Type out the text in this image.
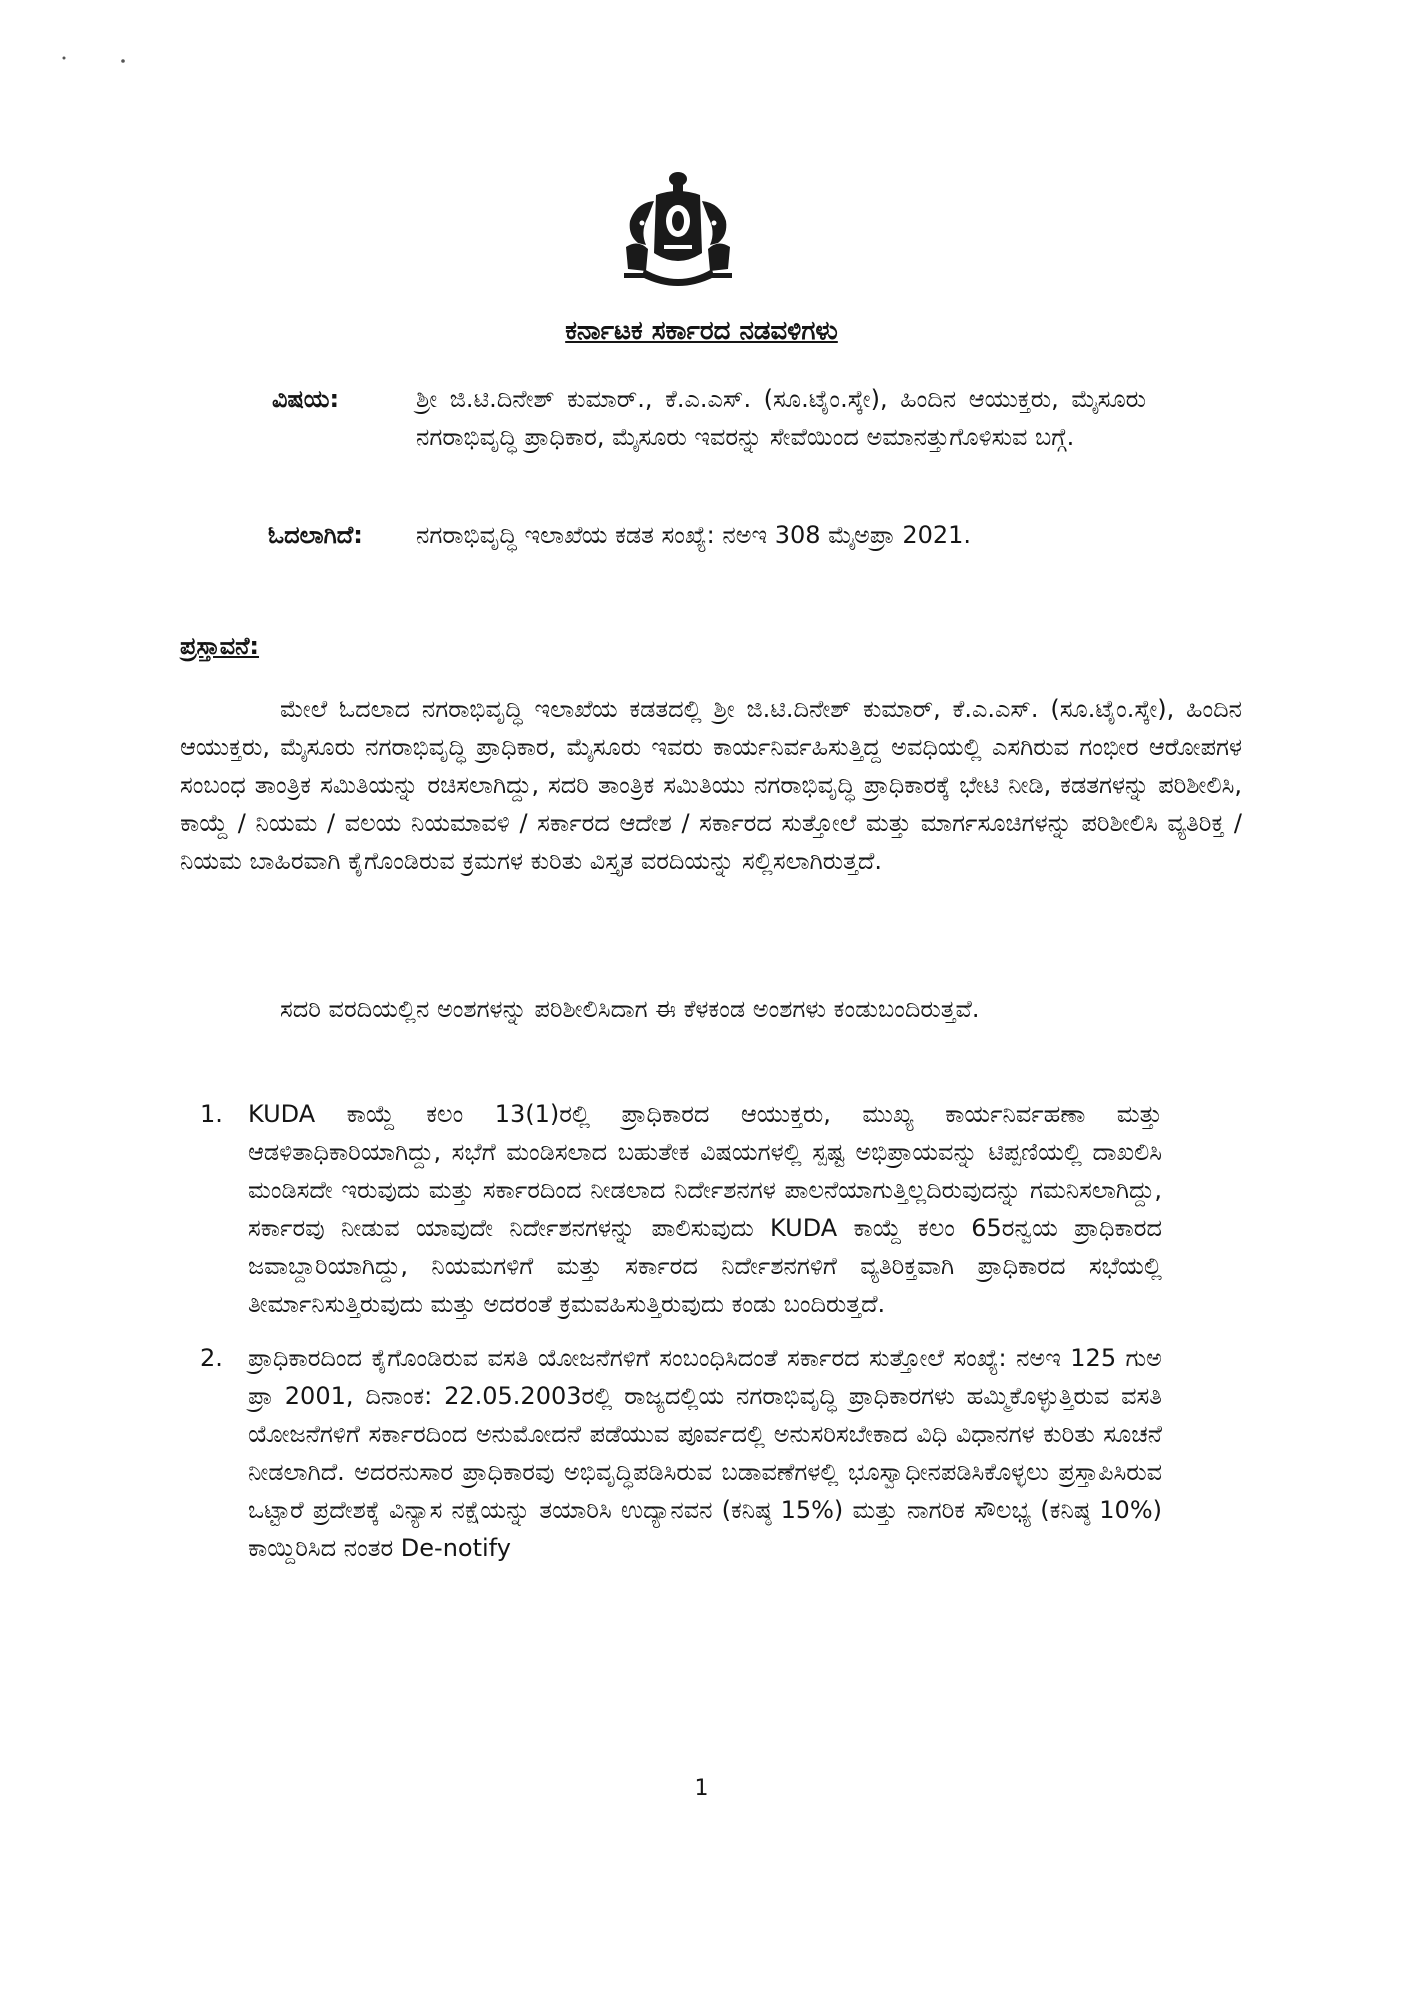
ಕರ್ನಾಟಕ ಸರ್ಕಾರದ ನಡವಳಿಗಳು
ವಿಷಯ:	ಶ್ರೀ ಜಿ.ಟಿ.ದಿನೇಶ್ ಕುಮಾರ್., ಕೆ.ಎ.ಎಸ್. (ಸೂ.ಟೈಂ.ಸ್ಕೇ), ಹಿಂದಿನ ಆಯುಕ್ತರು, ಮೈಸೂರು ನಗರಾಭಿವೃದ್ಧಿ ಪ್ರಾಧಿಕಾರ, ಮೈಸೂರು ಇವರನ್ನು ಸೇವೆಯಿಂದ ಅಮಾನತ್ತುಗೊಳಿಸುವ ಬಗ್ಗೆ.
ಓದಲಾಗಿದೆ: ನಗರಾಭಿವೃದ್ಧಿ ಇಲಾಖೆಯ ಕಡತ ಸಂಖ್ಯೆ: ನಅಇ 308 ಮೈಅಪ್ರಾ 2021.
ಪ್ರಸ್ತಾವನೆ:

ಮೇಲೆ ಓದಲಾದ ನಗರಾಭಿವೃದ್ಧಿ ಇಲಾಖೆಯ ಕಡತದಲ್ಲಿ ಶ್ರೀ ಜಿ.ಟಿ.ದಿನೇಶ್ ಕುಮಾರ್, ಕೆ.ಎ.ಎಸ್. (ಸೂ.ಟೈಂ.ಸ್ಕೇ), ಹಿಂದಿನ ಆಯುಕ್ತರು, ಮೈಸೂರು ನಗರಾಭಿವೃದ್ಧಿ ಪ್ರಾಧಿಕಾರ, ಮೈಸೂರು ಇವರು ಕಾರ್ಯನಿರ್ವಹಿಸುತ್ತಿದ್ದ ಅವಧಿಯಲ್ಲಿ ಎಸಗಿರುವ ಗಂಭೀರ ಆರೋಪಗಳ ಸಂಬಂಧ ತಾಂತ್ರಿಕ ಸಮಿತಿಯನ್ನು ರಚಿಸಲಾಗಿದ್ದು, ಸದರಿ ತಾಂತ್ರಿಕ ಸಮಿತಿಯು ನಗರಾಭಿವೃದ್ಧಿ ಪ್ರಾಧಿಕಾರಕ್ಕೆ ಭೇಟಿ ನೀಡಿ, ಕಡತಗಳನ್ನು ಪರಿಶೀಲಿಸಿ, ಕಾಯ್ದೆ / ನಿಯಮ / ವಲಯ ನಿಯಮಾವಳಿ / ಸರ್ಕಾರದ ಆದೇಶ / ಸರ್ಕಾರದ ಸುತ್ತೋಲೆ ಮತ್ತು ಮಾರ್ಗಸೂಚಿಗಳನ್ನು ಪರಿಶೀಲಿಸಿ ವ್ಯತಿರಿಕ್ತ / ನಿಯಮ ಬಾಹಿರವಾಗಿ ಕೈಗೊಂಡಿರುವ ಕ್ರಮಗಳ ಕುರಿತು ವಿಸ್ತೃತ ವರದಿಯನ್ನು ಸಲ್ಲಿಸಲಾಗಿರುತ್ತದೆ.

ಸದರಿ ವರದಿಯಲ್ಲಿನ ಅಂಶಗಳನ್ನು ಪರಿಶೀಲಿಸಿದಾಗ ಈ ಕೆಳಕಂಡ ಅಂಶಗಳು ಕಂಡುಬಂದಿರುತ್ತವೆ.

1. KUDA ಕಾಯ್ದೆ ಕಲಂ 13(1)ರಲ್ಲಿ ಪ್ರಾಧಿಕಾರದ ಆಯುಕ್ತರು, ಮುಖ್ಯ ಕಾರ್ಯನಿರ್ವಹಣಾ ಮತ್ತು ಆಡಳಿತಾಧಿಕಾರಿಯಾಗಿದ್ದು, ಸಭೆಗೆ ಮಂಡಿಸಲಾದ ಬಹುತೇಕ ವಿಷಯಗಳಲ್ಲಿ ಸ್ಪಷ್ಟ ಅಭಿಪ್ರಾಯವನ್ನು ಟಿಪ್ಪಣಿಯಲ್ಲಿ ದಾಖಲಿಸಿ ಮಂಡಿಸದೇ ಇರುವುದು ಮತ್ತು ಸರ್ಕಾರದಿಂದ ನೀಡಲಾದ ನಿರ್ದೇಶನಗಳ ಪಾಲನೆಯಾಗುತ್ತಿಲ್ಲದಿರುವುದನ್ನು ಗಮನಿಸಲಾಗಿದ್ದು, ಸರ್ಕಾರವು ನೀಡುವ ಯಾವುದೇ ನಿರ್ದೇಶನಗಳನ್ನು ಪಾಲಿಸುವುದು KUDA ಕಾಯ್ದೆ ಕಲಂ 65ರನ್ವಯ ಪ್ರಾಧಿಕಾರದ ಜವಾಬ್ದಾರಿಯಾಗಿದ್ದು, ನಿಯಮಗಳಿಗೆ ಮತ್ತು ಸರ್ಕಾರದ ನಿರ್ದೇಶನಗಳಿಗೆ ವ್ಯತಿರಿಕ್ತವಾಗಿ ಪ್ರಾಧಿಕಾರದ ಸಭೆಯಲ್ಲಿ ತೀರ್ಮಾನಿಸುತ್ತಿರುವುದು ಮತ್ತು ಅದರಂತೆ ಕ್ರಮವಹಿಸುತ್ತಿರುವುದು ಕಂಡು ಬಂದಿರುತ್ತದೆ.
2. ಪ್ರಾಧಿಕಾರದಿಂದ ಕೈಗೊಂಡಿರುವ ವಸತಿ ಯೋಜನೆಗಳಿಗೆ ಸಂಬಂಧಿಸಿದಂತೆ ಸರ್ಕಾರದ ಸುತ್ತೋಲೆ ಸಂಖ್ಯೆ: ನಅಇ 125 ಗುಅ ಪ್ರಾ 2001, ದಿನಾಂಕ: 22.05.2003ರಲ್ಲಿ ರಾಜ್ಯದಲ್ಲಿಯ ನಗರಾಭಿವೃದ್ಧಿ ಪ್ರಾಧಿಕಾರಗಳು ಹಮ್ಮಿಕೊಳ್ಳುತ್ತಿರುವ ವಸತಿ ಯೋಜನೆಗಳಿಗೆ ಸರ್ಕಾರದಿಂದ ಅನುಮೋದನೆ ಪಡೆಯುವ ಪೂರ್ವದಲ್ಲಿ ಅನುಸರಿಸಬೇಕಾದ ವಿಧಿ ವಿಧಾನಗಳ ಕುರಿತು ಸೂಚನೆ ನೀಡಲಾಗಿದೆ. ಅದರನುಸಾರ ಪ್ರಾಧಿಕಾರವು ಅಭಿವೃದ್ಧಿಪಡಿಸಿರುವ ಬಡಾವಣೆಗಳಲ್ಲಿ ಭೂಸ್ವಾಧೀನಪಡಿಸಿಕೊಳ್ಳಲು ಪ್ರಸ್ತಾಪಿಸಿರುವ ಒಟ್ಟಾರೆ ಪ್ರದೇಶಕ್ಕೆ ವಿನ್ಯಾಸ ನಕ್ಷೆಯನ್ನು ತಯಾರಿಸಿ ಉದ್ಯಾನವನ (ಕನಿಷ್ಠ 15%) ಮತ್ತು ನಾಗರಿಕ ಸೌಲಭ್ಯ (ಕನಿಷ್ಠ 10%) ಕಾಯ್ದಿರಿಸಿದ ನಂತರ De-notify
1
